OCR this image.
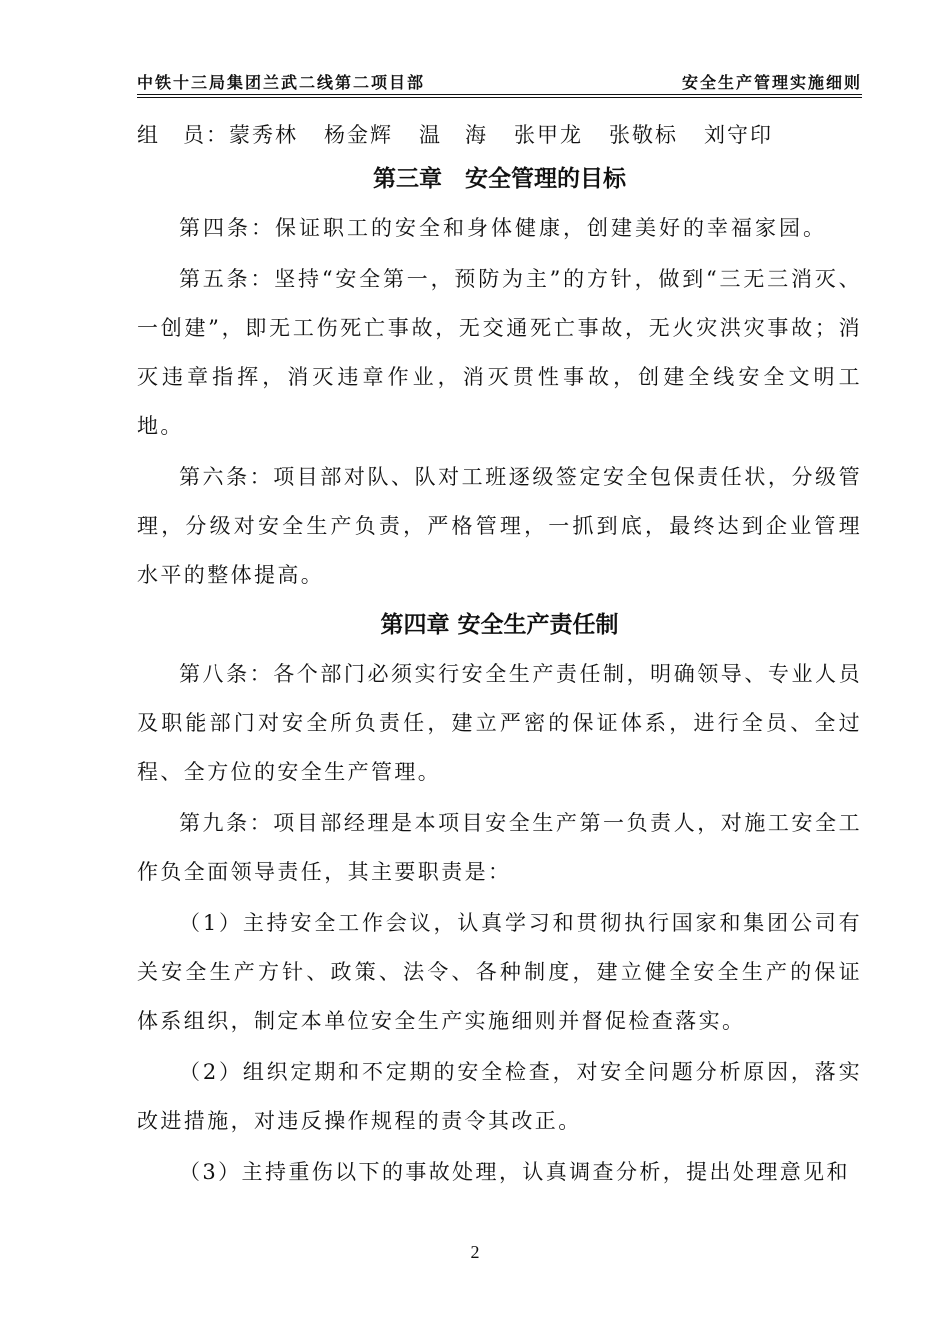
中铁十三局集团兰武二线第二项目部	安全生产管理实施细则
组　员：蒙秀林 杨金辉 温　海 张甲龙 张敬标 刘守印
第三章　安全管理的目标
第四条：保证职工的安全和身体健康，创建美好的幸福家园。
第五条：坚持“安全第一，预防为主”的方针，做到“三无三消灭、一创建”，即无工伤死亡事故，无交通死亡事故，无火灾洪灾事故；消灭违章指挥，消灭违章作业，消灭贯性事故，创建全线安全文明工地。
第六条：项目部对队、队对工班逐级签定安全包保责任状，分级管理，分级对安全生产负责，严格管理，一抓到底，最终达到企业管理水平的整体提高。
第四章 安全生产责任制
第八条：各个部门必须实行安全生产责任制，明确领导、专业人员及职能部门对安全所负责任，建立严密的保证体系，进行全员、全过程、全方位的安全生产管理。
第九条：项目部经理是本项目安全生产第一负责人，对施工安全工作负全面领导责任，其主要职责是：
（1）主持安全工作会议，认真学习和贯彻执行国家和集团公司有关安全生产方针、政策、法令、各种制度，建立健全安全生产的保证体系组织，制定本单位安全生产实施细则并督促检查落实。
（2）组织定期和不定期的安全检查，对安全问题分析原因，落实改进措施，对违反操作规程的责令其改正。
（3）主持重伤以下的事故处理，认真调查分析，提出处理意见和
2
